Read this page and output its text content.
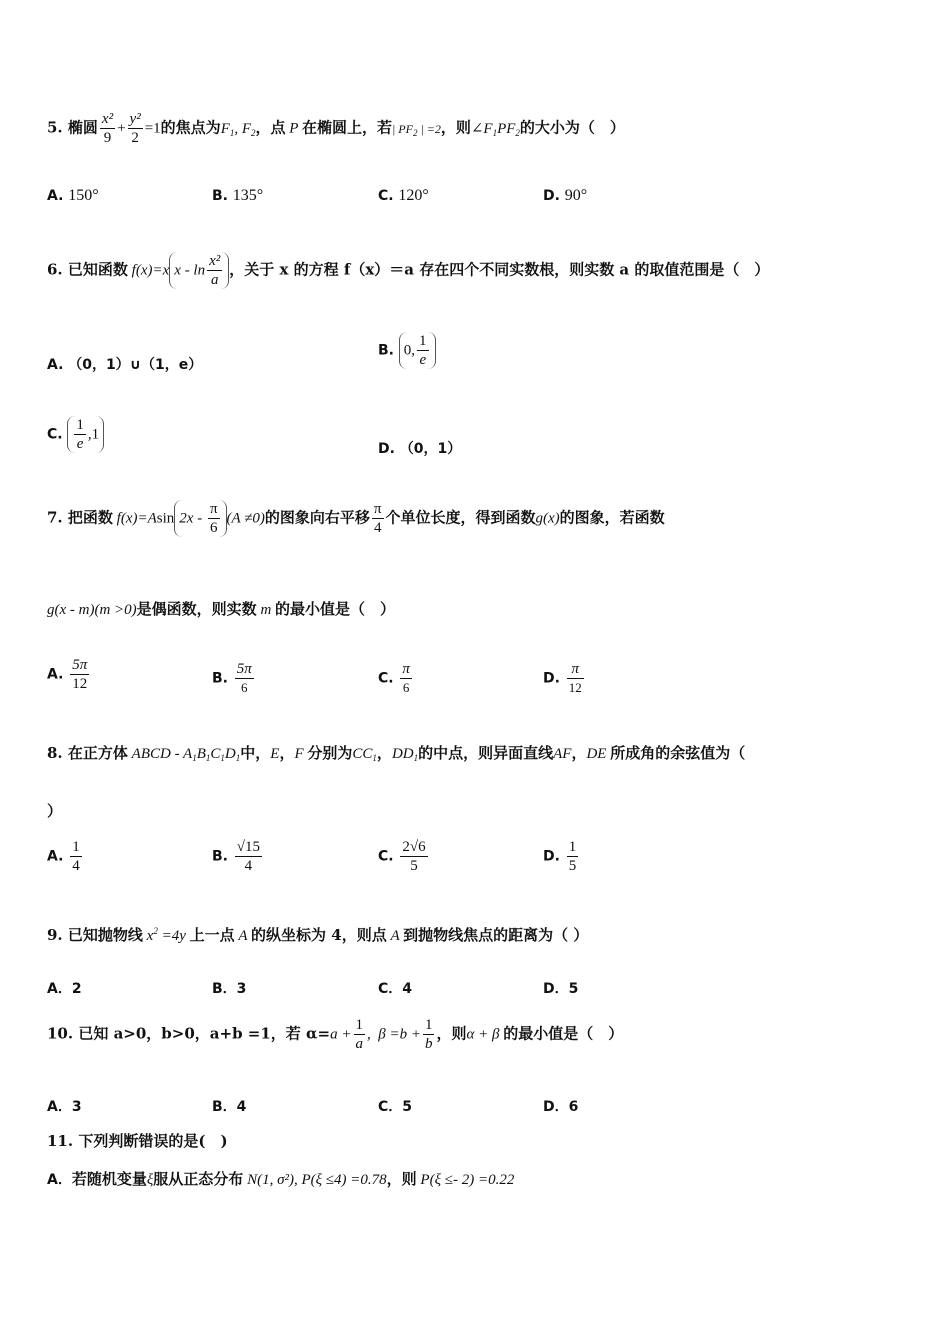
5. 椭圆 $\frac{\text{x²}}{9} + \frac{\text{y²}}{2} =1$的焦点为$F_1$, $F_2$，点 P 在椭圆上，若| $PF_2$ | =2，则$\angle F_1PF_2$的大小为（　）
A. 150°	B. 135°	C. 120°	D. 90°
6. 已知函数 f(x)=x x - $\ln \frac{\text{x²}}{a}$ ，关于 x 的方程 f（x）＝a 存在四个不同实数根，则实数 a 的取值范围是（　）
A. （0，1）∪（1，e）
B. 0, $\frac{1}{e}$
C. $\frac{1}{e} ,1$
D. （0，1）
7. 把函数 f(x)=Asin $2x - \frac{\pi}{6} (A \ne 0)$的图象向右平移 $\frac{\pi}{4}$ 个单位长度，得到函数g(x)的图象，若函数
g(x - m)(m >0)是偶函数，则实数 m 的最小值是（　）
A. $\frac{5\pi}{12}$	B. $\frac{5\pi}{6}$	C. $\frac{\pi}{6}$	D. $\frac{\pi}{12}$
8. 在正方体 ABCD - $A_1B_1C_1D_1$中，E，F 分别为$CC_1$，$DD_1$的中点，则异面直线AF，DE 所成角的余弦值为（
）
A. $\frac{1}{4}$	B. $\frac{√15}{4}$	C. $\frac{2√6}{5}$	D. $\frac{1}{5}$
9. 已知抛物线 $x^2 =4y$ 上一点 A 的纵坐标为 4，则点 A 到抛物线焦点的距离为（ ）
A．2	B．3	C．4	D．5
10. 已知 a>0，b>0，a+b =1，若 $\alpha=a + \frac{1}{a}$ ,  $\beta =b + \frac{1}{b}$ ，则α + β 的最小值是（　）
A．3	B．4	C．5	D．6
11. 下列判断错误的是(　)
A．若随机变量ξ服从正态分布 N(1, σ²), P(ξ ≤4) =0.78，则 P(ξ ≤- 2) =0.22
